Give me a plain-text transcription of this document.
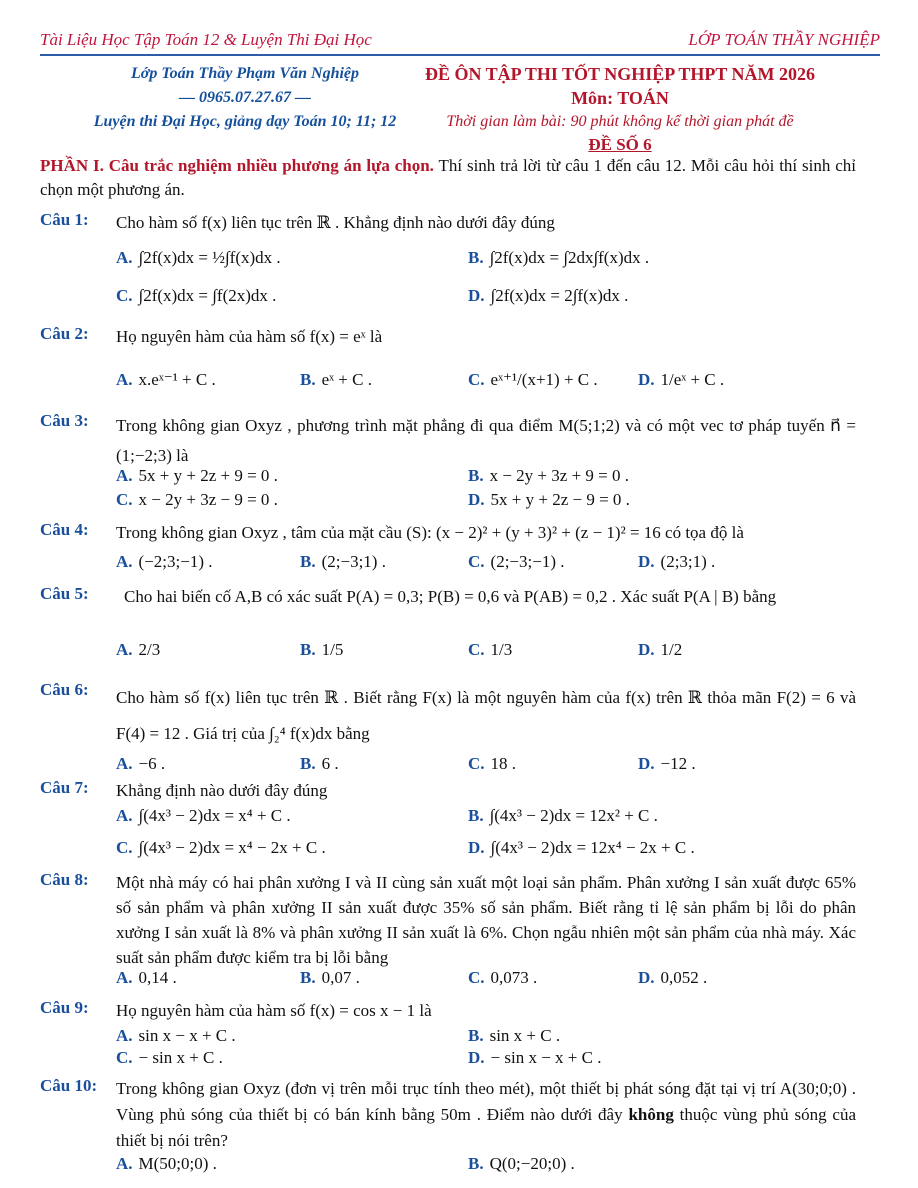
Tài Liệu Học Tập Toán 12 & Luyện Thi Đại Học	LỚP TOÁN THẦY NGHIỆP
Lớp Toán Thầy Phạm Văn Nghiệp
— 0965.07.27.67 —
Luyện thi Đại Học, giảng dạy Toán 10; 11; 12
ĐỀ ÔN TẬP THI TỐT NGHIỆP THPT NĂM 2026
Môn: TOÁN
Thời gian làm bài: 90 phút không kể thời gian phát đề
ĐỀ SỐ 6

PHẦN I. Câu trắc nghiệm nhiều phương án lựa chọn. Thí sinh trả lời từ câu 1 đến câu 12. Mỗi câu hỏi thí sinh chỉ chọn một phương án.

Câu 1: Cho hàm số f(x) liên tục trên ℝ . Khẳng định nào dưới đây đúng
A. ∫2f(x)dx = ½∫f(x)dx .	B. ∫2f(x)dx = ∫2dx∫f(x)dx .
C. ∫2f(x)dx = ∫f(2x)dx .	D. ∫2f(x)dx = 2∫f(x)dx .
Câu 2: Họ nguyên hàm của hàm số f(x) = eˣ là
A. x.eˣ⁻¹ + C .	B. eˣ + C .	C. eˣ⁺¹/(x+1) + C . D. 1/eˣ + C .
Câu 3: Trong không gian Oxyz , phương trình mặt phẳng đi qua điểm M(5;1;2) và có một vec tơ pháp tuyến n⃗ = (1;−2;3) là
A. 5x + y + 2z + 9 = 0 .	B. x − 2y + 3z + 9 = 0 .
C. x − 2y + 3z − 9 = 0 .	D. 5x + y + 2z − 9 = 0 .
Câu 4: Trong không gian Oxyz , tâm của mặt cầu (S): (x − 2)² + (y + 3)² + (z − 1)² = 16 có tọa độ là
A. (−2;3;−1) .	B. (2;−3;1) .	C. (2;−3;−1) .	D. (2;3;1) .
Câu 5:	Cho hai biến cố A,B có xác suất P(A) = 0,3; P(B) = 0,6 và P(AB) = 0,2 . Xác suất P(A | B) bằng
A. 2/3	B. 1/5	C. 1/3	D. 1/2
Câu 6: Cho hàm số f(x) liên tục trên ℝ . Biết rằng F(x) là một nguyên hàm của f(x) trên ℝ thỏa mãn F(2) = 6 và F(4) = 12 . Giá trị của ∫₂⁴ f(x)dx bằng
A. −6 .	B. 6 .	C. 18 .	D. −12 .
Câu 7: Khẳng định nào dưới đây đúng
A. ∫(4x³ − 2)dx = x⁴ + C .	B. ∫(4x³ − 2)dx = 12x² + C .
C. ∫(4x³ − 2)dx = x⁴ − 2x + C .	D. ∫(4x³ − 2)dx = 12x⁴ − 2x + C .
Câu 8: Một nhà máy có hai phân xưởng I và II cùng sản xuất một loại sản phẩm. Phân xưởng I sản xuất được 65% số sản phẩm và phân xưởng II sản xuất được 35% số sản phẩm. Biết rằng tỉ lệ sản phẩm bị lỗi do phân xưởng I sản xuất là 8% và phân xưởng II sản xuất là 6%. Chọn ngẫu nhiên một sản phẩm của nhà máy. Xác suất sản phẩm được kiểm tra bị lỗi bằng
A. 0,14 .	B. 0,07 .	C. 0,073 .	D. 0,052 .
Câu 9: Họ nguyên hàm của hàm số f(x) = cos x − 1 là
A. sin x − x + C .	B. sin x + C .
C. − sin x + C .	D. − sin x − x + C .
Câu 10: Trong không gian Oxyz (đơn vị trên mỗi trục tính theo mét), một thiết bị phát sóng đặt tại vị trí A(30;0;0) . Vùng phủ sóng của thiết bị có bán kính bằng 50m . Điểm nào dưới đây không thuộc vùng phủ sóng của thiết bị nói trên?
A. M(50;0;0) .	B. Q(0;−20;0) .
